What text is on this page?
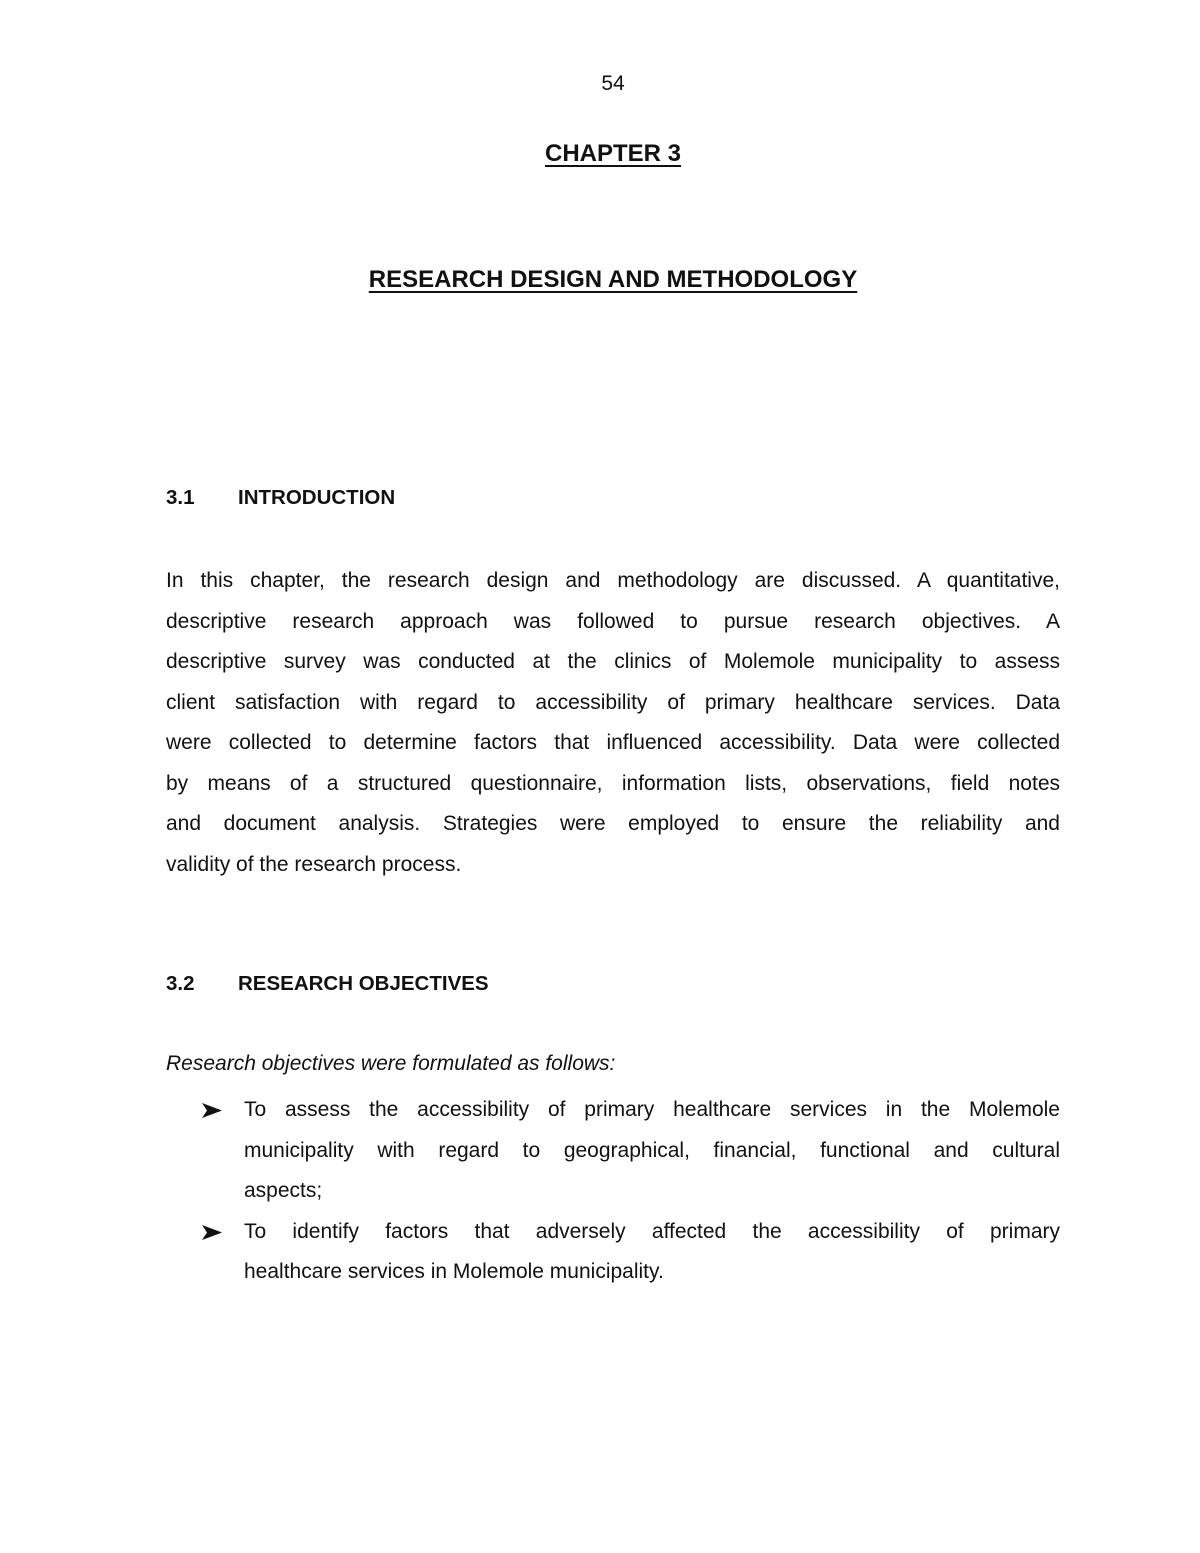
54
CHAPTER 3
RESEARCH DESIGN AND METHODOLOGY
3.1 INTRODUCTION
In this chapter, the research design and methodology are discussed. A quantitative,
descriptive research approach was followed to pursue research objectives. A
descriptive survey was conducted at the clinics of Molemole municipality to assess
client satisfaction with regard to accessibility of primary healthcare services. Data
were collected to determine factors that influenced accessibility. Data were collected
by means of a structured questionnaire, information lists, observations, field notes
and document analysis. Strategies were employed to ensure the reliability and
validity of the research process.
3.2 RESEARCH OBJECTIVES
Research objectives were formulated as follows:
To assess the accessibility of primary healthcare services in the Molemole
municipality with regard to geographical, financial, functional and cultural
aspects;
To identify factors that adversely affected the accessibility of primary
healthcare services in Molemole municipality.
